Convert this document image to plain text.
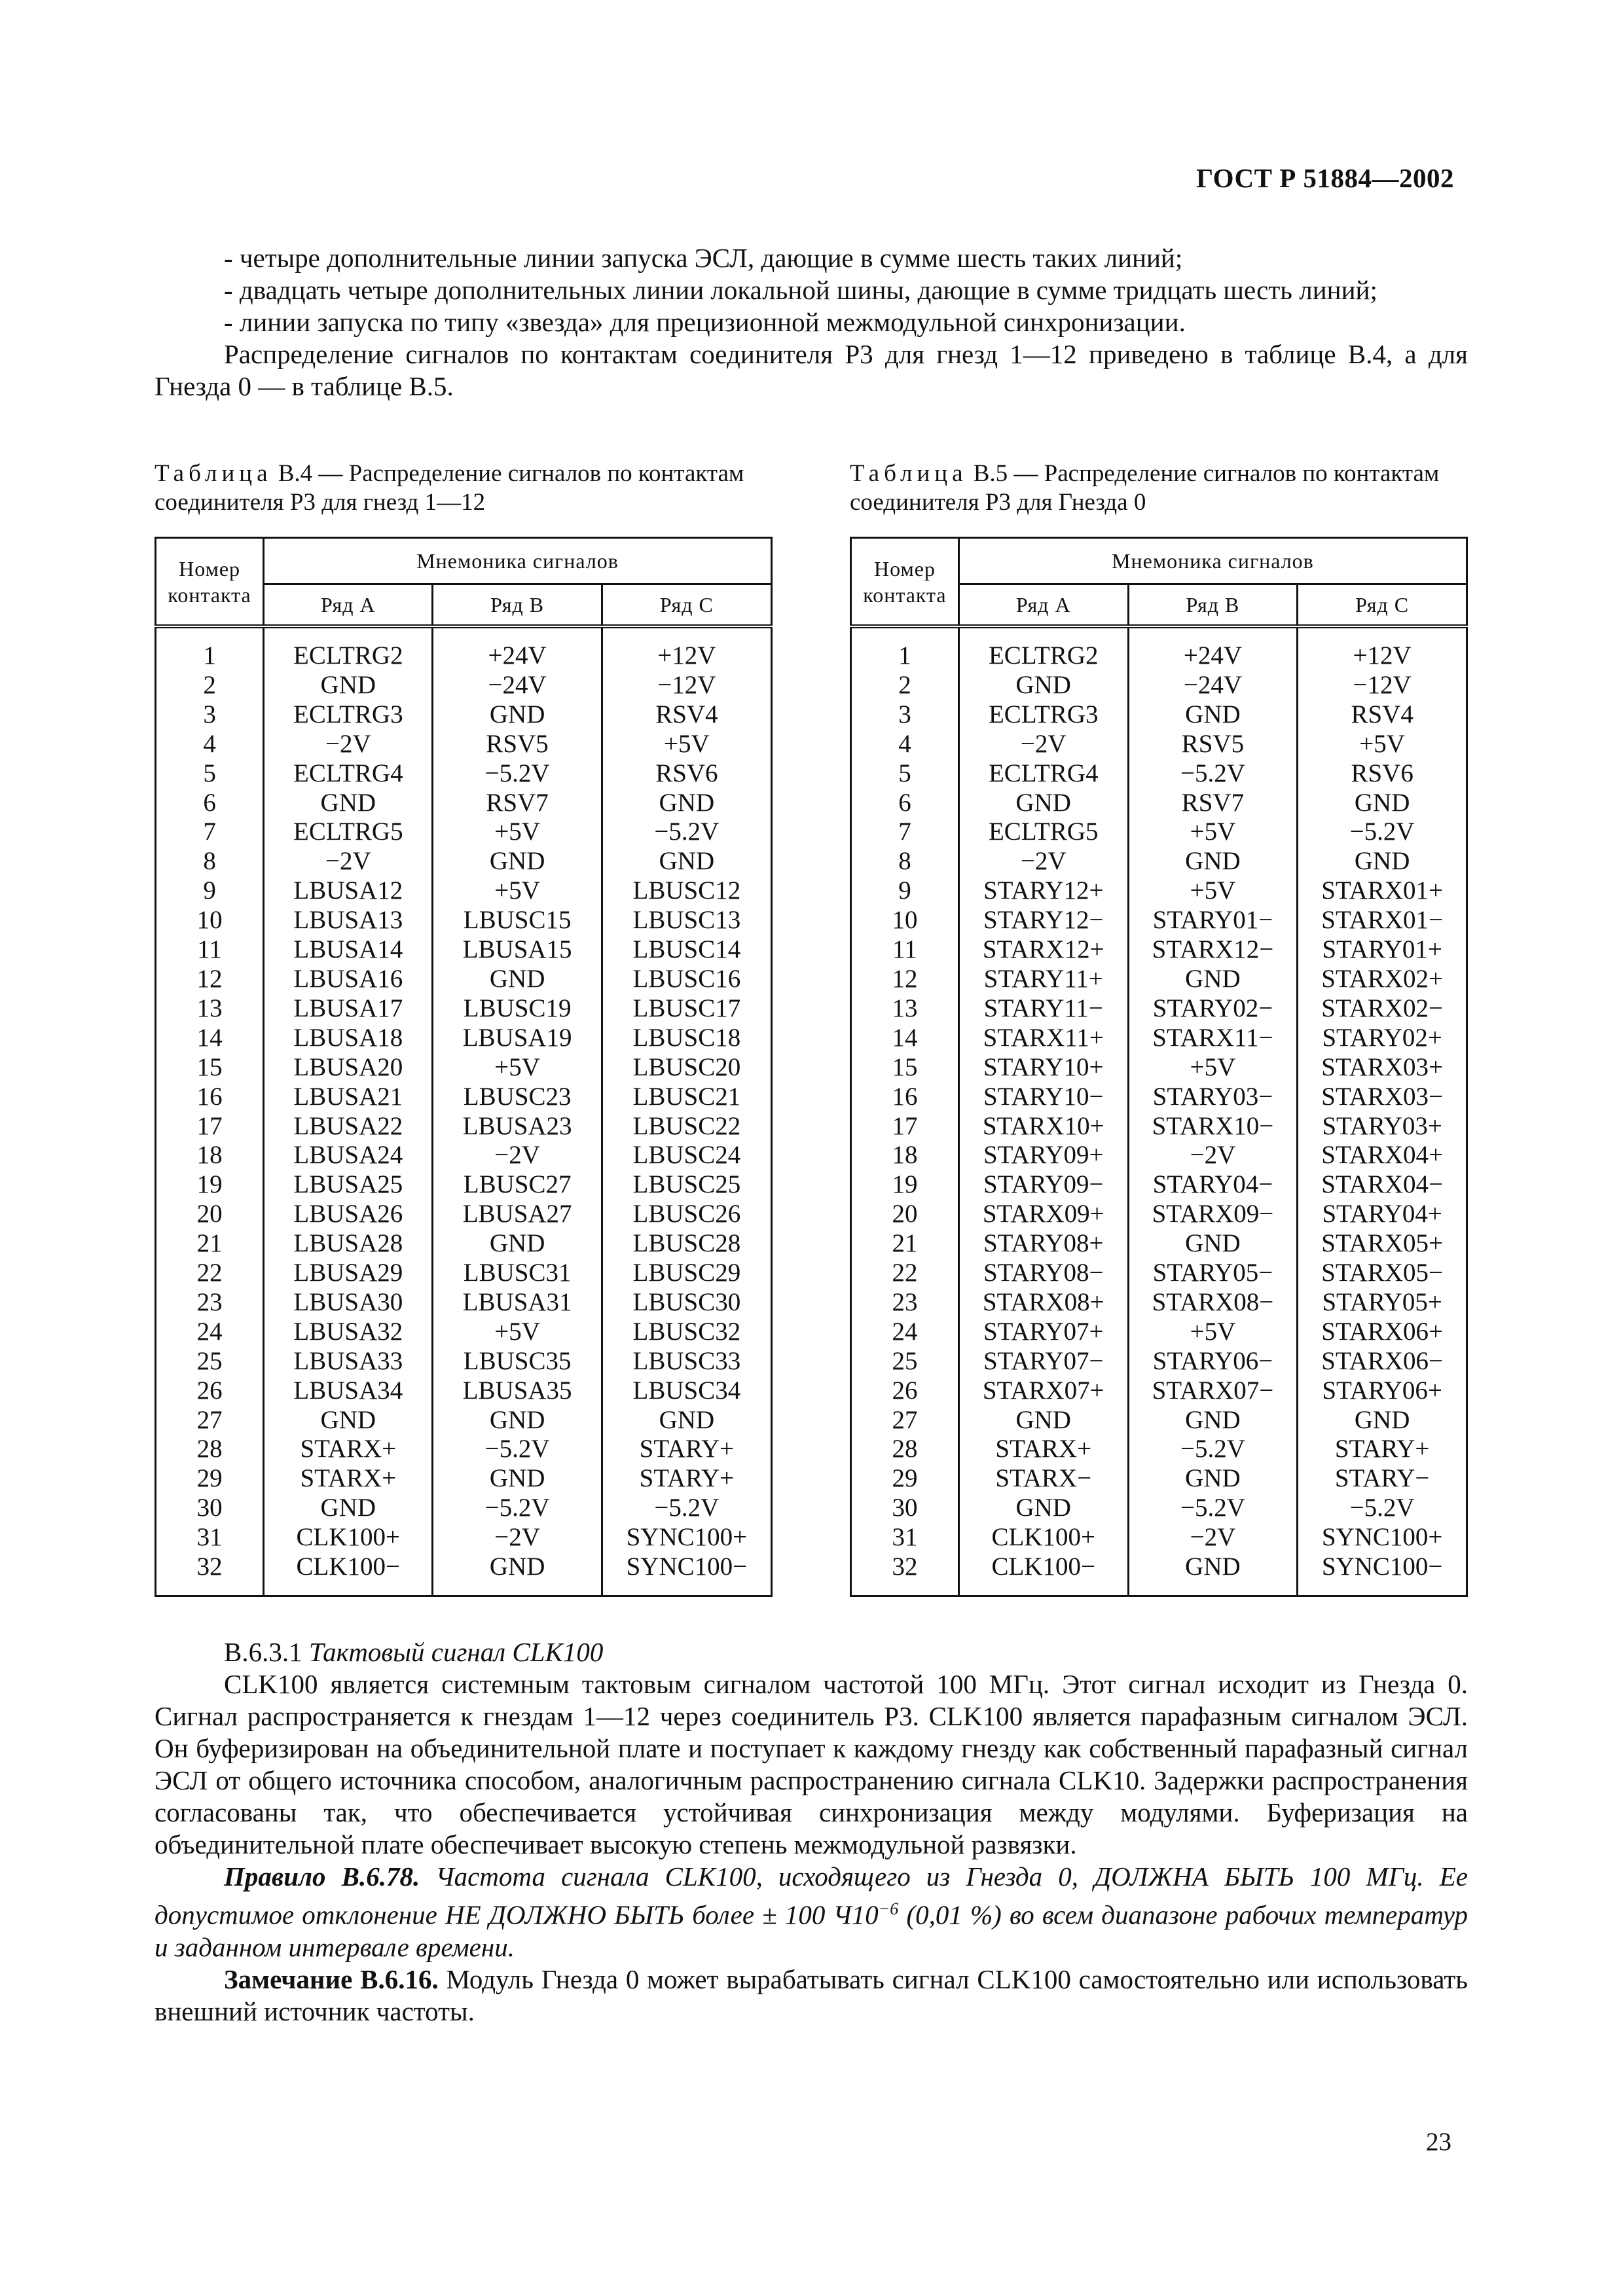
ГОСТ Р 51884—2002

- четыре дополнительные линии запуска ЭСЛ, дающие в сумме шесть таких линий;

- двадцать четыре дополнительных линии локальной шины, дающие в сумме тридцать шесть линий;

- линии запуска по типу «звезда» для прецизионной межмодульной синхронизации.

Распределение сигналов по контактам соединителя Р3 для гнезд 1—12 приведено в таблице В.4, а для Гнезда 0 — в таблице В.5.

Таблица В.4 — Распределение сигналов по контактам соединителя Р3 для гнезд 1—12
Таблица В.5 — Распределение сигналов по контактам соединителя Р3 для Гнезда 0
Номер контакта	Мнемоника сигналов		
	Ряд А	Ряд В	Ряд С

1	ECLTRG2	+24V	+12V
2	GND	−24V	−12V
3	ECLTRG3	GND	RSV4
4	−2V	RSV5	+5V
5	ECLTRG4	−5.2V	RSV6
6	GND	RSV7	GND
7	ECLTRG5	+5V	−5.2V
8	−2V	GND	GND
9	LBUSA12	+5V	LBUSC12
10	LBUSA13	LBUSC15	LBUSC13
11	LBUSA14	LBUSA15	LBUSC14
12	LBUSA16	GND	LBUSC16
13	LBUSA17	LBUSC19	LBUSC17
14	LBUSA18	LBUSA19	LBUSC18
15	LBUSA20	+5V	LBUSC20
16	LBUSA21	LBUSC23	LBUSC21
17	LBUSA22	LBUSA23	LBUSC22
18	LBUSA24	−2V	LBUSC24
19	LBUSA25	LBUSC27	LBUSC25
20	LBUSA26	LBUSA27	LBUSC26
21	LBUSA28	GND	LBUSC28
22	LBUSA29	LBUSC31	LBUSC29
23	LBUSA30	LBUSA31	LBUSC30
24	LBUSA32	+5V	LBUSC32
25	LBUSA33	LBUSC35	LBUSC33
26	LBUSA34	LBUSA35	LBUSC34
27	GND	GND	GND
28	STARX+	−5.2V	STARY+
29	STARX+	GND	STARY+
30	GND	−5.2V	−5.2V
31	CLK100+	−2V	SYNC100+
32	CLK100−	GND	SYNC100−
Номер контакта	Мнемоника сигналов		
	Ряд А	Ряд В	Ряд С

1	ECLTRG2	+24V	+12V
2	GND	−24V	−12V
3	ECLTRG3	GND	RSV4
4	−2V	RSV5	+5V
5	ECLTRG4	−5.2V	RSV6
6	GND	RSV7	GND
7	ECLTRG5	+5V	−5.2V
8	−2V	GND	GND
9	STARY12+	+5V	STARX01+
10	STARY12−	STARY01−	STARX01−
11	STARX12+	STARX12−	STARY01+
12	STARY11+	GND	STARX02+
13	STARY11−	STARY02−	STARX02−
14	STARX11+	STARX11−	STARY02+
15	STARY10+	+5V	STARX03+
16	STARY10−	STARY03−	STARX03−
17	STARX10+	STARX10−	STARY03+
18	STARY09+	−2V	STARX04+
19	STARY09−	STARY04−	STARX04−
20	STARX09+	STARX09−	STARY04+
21	STARY08+	GND	STARX05+
22	STARY08−	STARY05−	STARX05−
23	STARX08+	STARX08−	STARY05+
24	STARY07+	+5V	STARX06+
25	STARY07−	STARY06−	STARX06−
26	STARX07+	STARX07−	STARY06+
27	GND	GND	GND
28	STARX+	−5.2V	STARY+
29	STARX−	GND	STARY−
30	GND	−5.2V	−5.2V
31	CLK100+	−2V	SYNC100+
32	CLK100−	GND	SYNC100−

В.6.3.1 Тактовый сигнал CLK100

CLK100 является системным тактовым сигналом частотой 100 МГц. Этот сигнал исходит из Гнезда 0. Сигнал распространяется к гнездам 1—12 через соединитель Р3. CLK100 является парафазным сигналом ЭСЛ. Он буферизирован на объединительной плате и поступает к каждому гнезду как собственный парафазный сигнал ЭСЛ от общего источника способом, аналогичным распространению сигнала CLK10. Задержки распространения согласованы так, что обеспечивается устойчивая синхронизация между модулями. Буферизация на объединительной плате обеспечивает высокую степень межмодульной развязки.

Правило В.6.78. Частота сигнала CLK100, исходящего из Гнезда 0, ДОЛЖНА БЫТЬ 100 МГц. Ее допустимое отклонение НЕ ДОЛЖНО БЫТЬ более ± 100 $Ч10^{-6}$ (0,01 %) во всем диапазоне рабочих температур и заданном интервале времени.

Замечание В.6.16. Модуль Гнезда 0 может вырабатывать сигнал CLK100 самостоятельно или использовать внешний источник частоты.

23
